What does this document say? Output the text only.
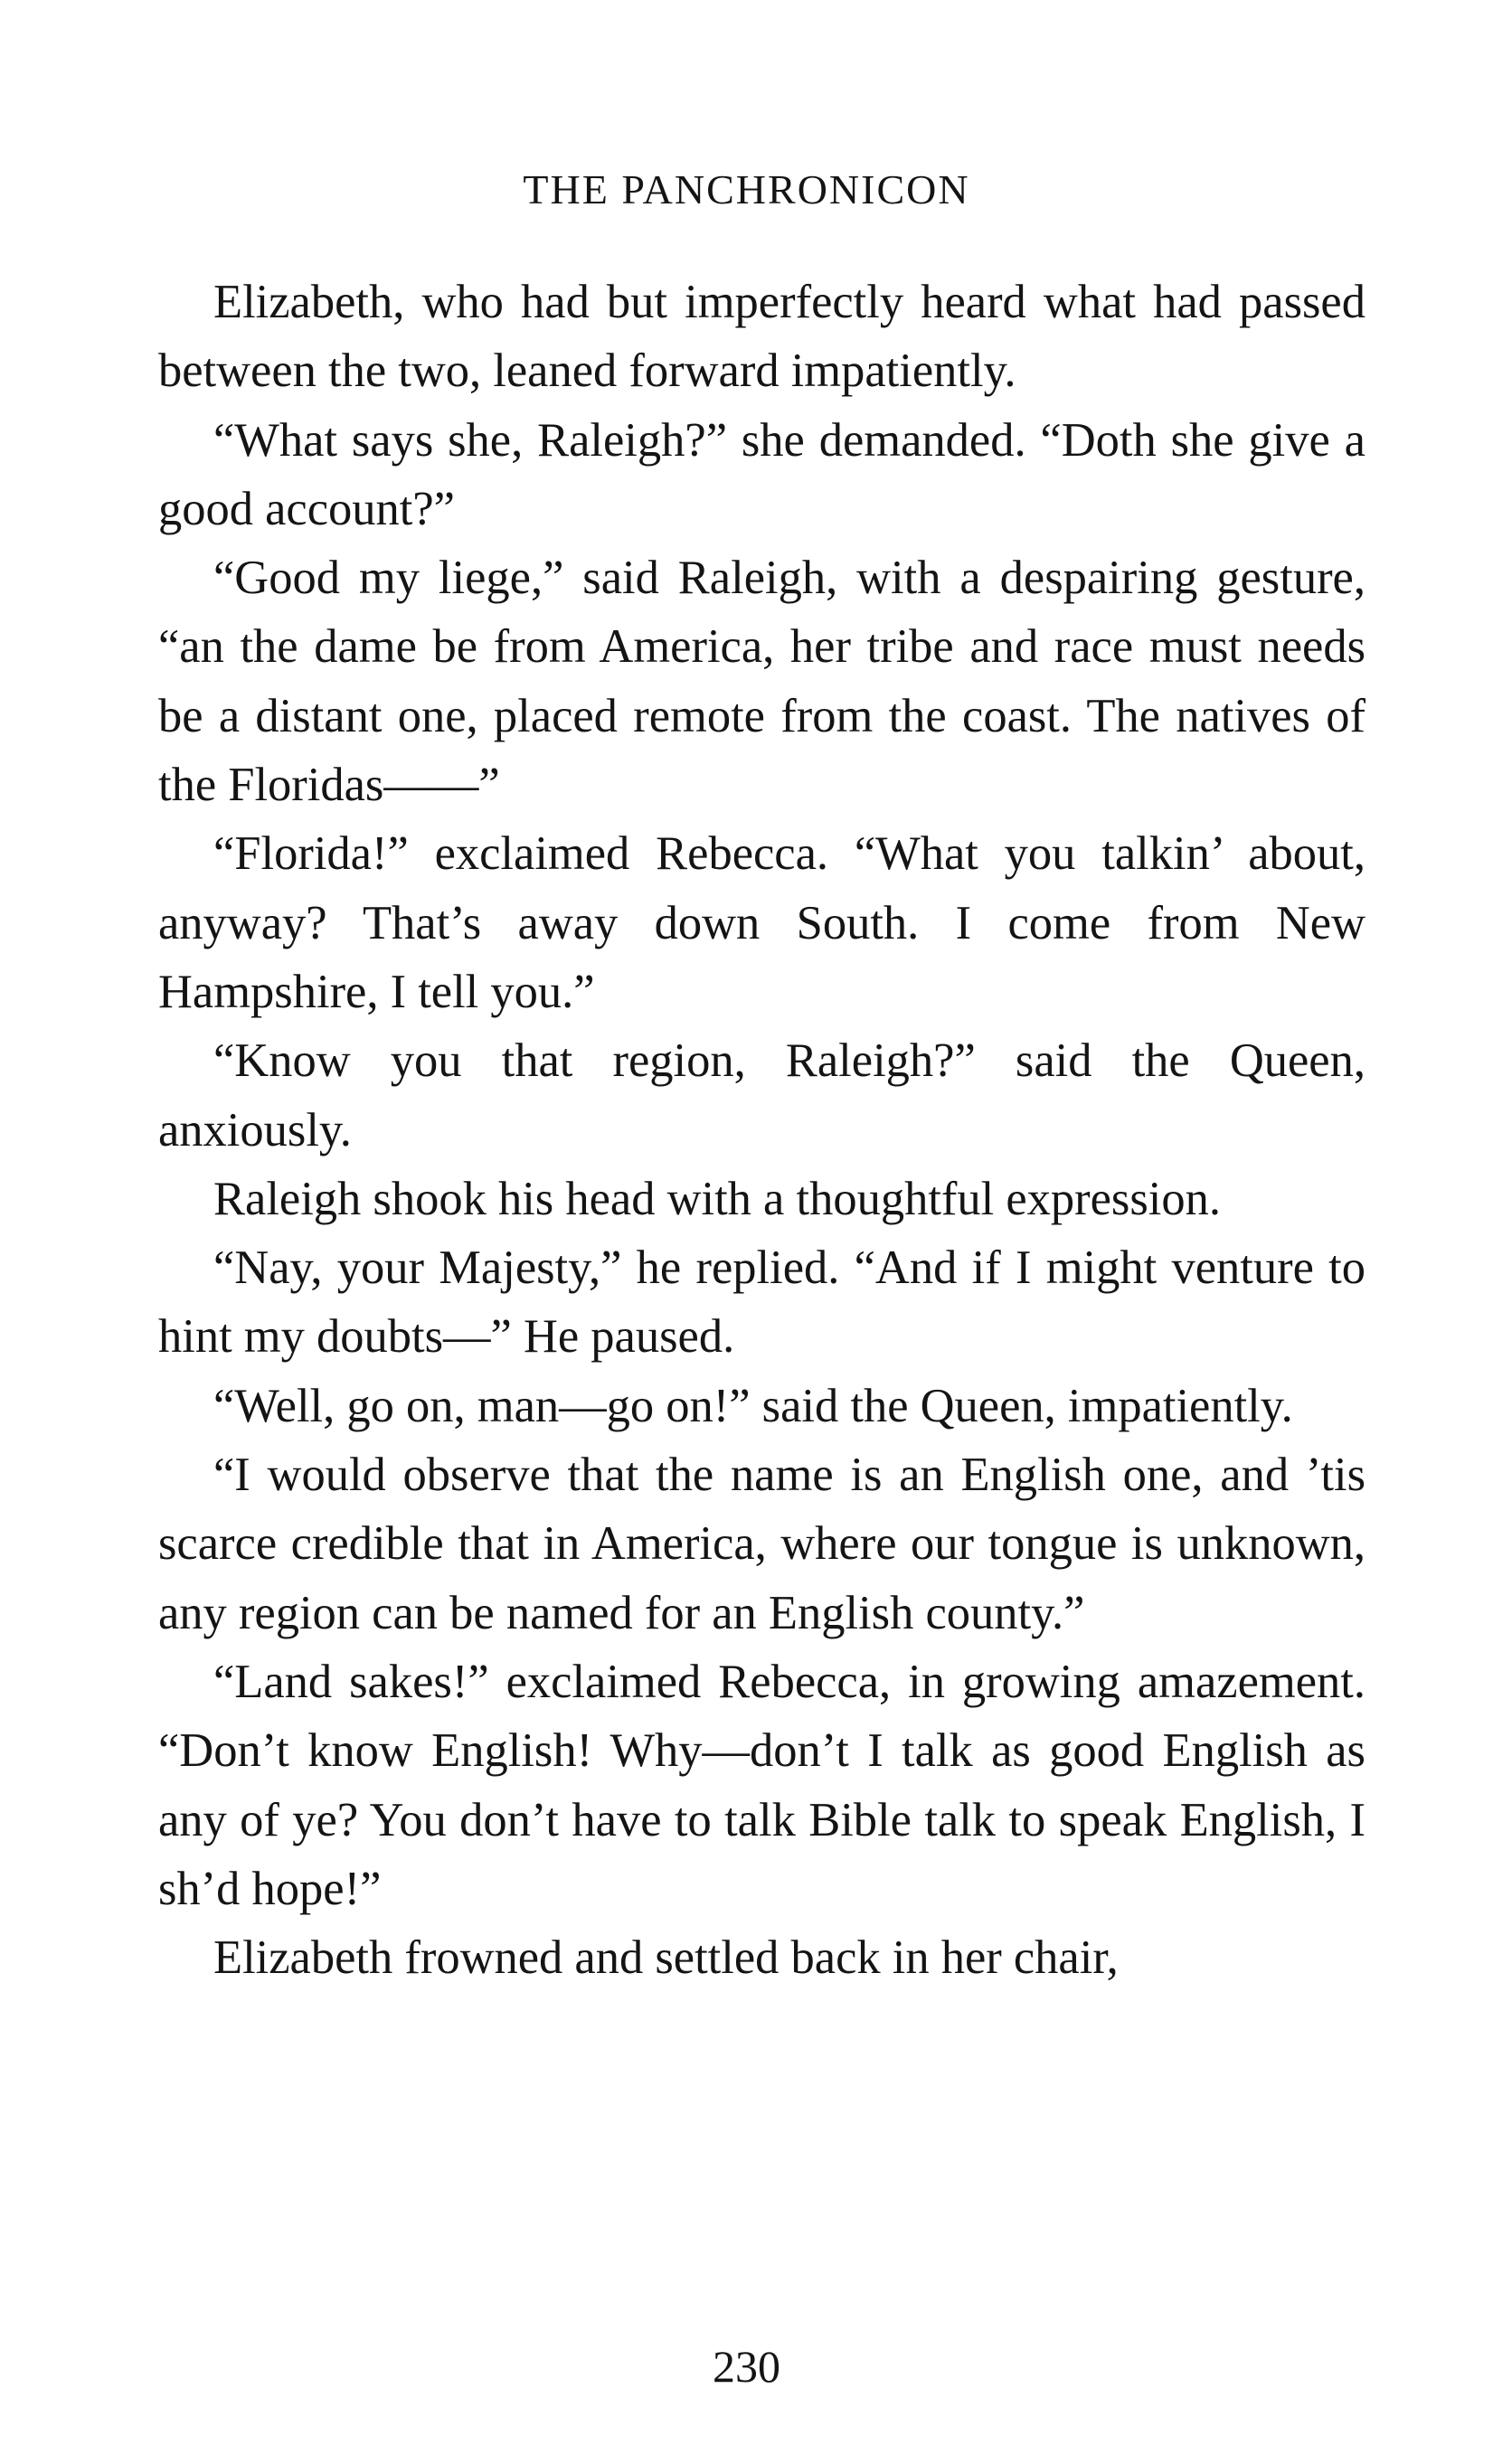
THE PANCHRONICON

Elizabeth, who had but imperfectly heard what had passed between the two, leaned forward impatiently.

“What says she, Raleigh?” she demanded. “Doth she give a good account?”

“Good my liege,” said Raleigh, with a despairing gesture, “an the dame be from America, her tribe and race must needs be a distant one, placed remote from the coast. The natives of the Floridas——”

“Florida!” exclaimed Rebecca. “What you talkin’ about, anyway? That’s away down South. I come from New Hampshire, I tell you.”

“Know you that region, Raleigh?” said the Queen, anxiously.

Raleigh shook his head with a thoughtful expression.

“Nay, your Majesty,” he replied. “And if I might venture to hint my doubts—” He paused.

“Well, go on, man—go on!” said the Queen, impatiently.

“I would observe that the name is an English one, and ’tis scarce credible that in America, where our tongue is unknown, any region can be named for an English county.”

“Land sakes!” exclaimed Rebecca, in growing amazement. “Don’t know English! Why—don’t I talk as good English as any of ye? You don’t have to talk Bible talk to speak English, I sh’d hope!”

Elizabeth frowned and settled back in her chair,

230
